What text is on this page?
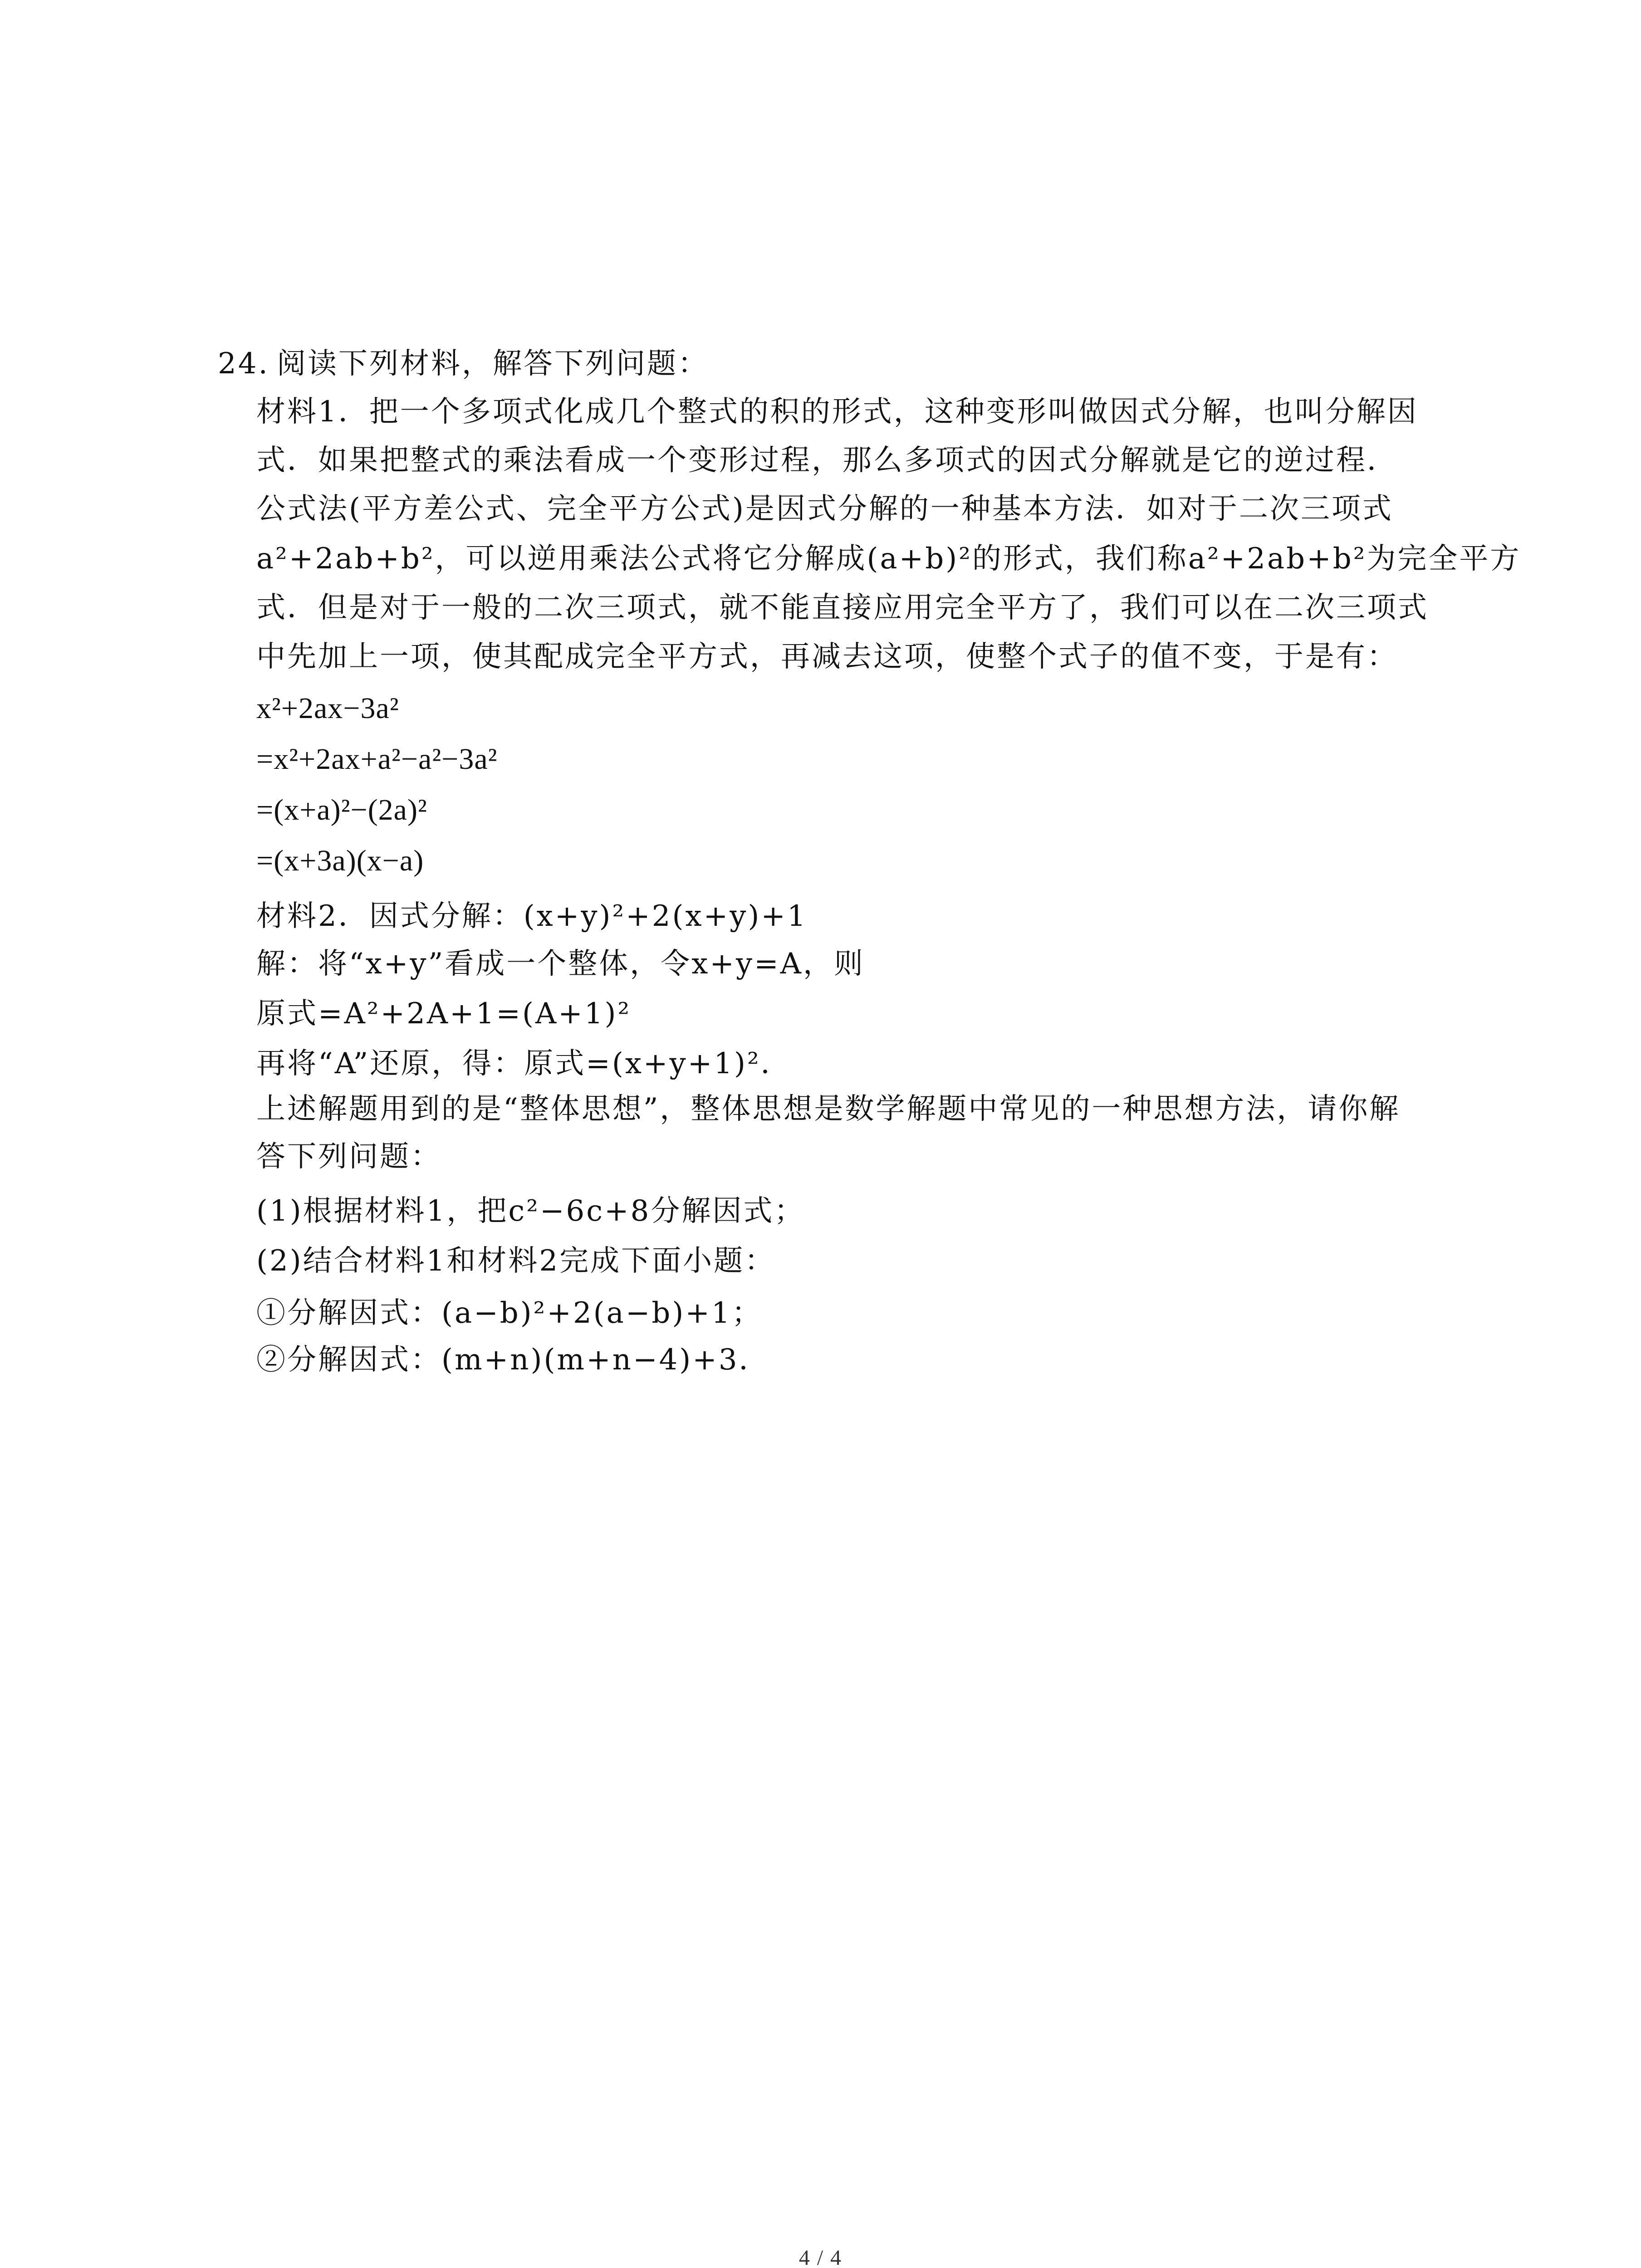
24. 阅读下列材料，解答下列问题：
材料1．把一个多项式化成几个整式的积的形式，这种变形叫做因式分解，也叫分解因
式．如果把整式的乘法看成一个变形过程，那么多项式的因式分解就是它的逆过程．
公式法(平方差公式、完全平方公式)是因式分解的一种基本方法．如对于二次三项式
a²+2ab+b²，可以逆用乘法公式将它分解成(a+b)²的形式，我们称a²+2ab+b²为完全平方
式．但是对于一般的二次三项式，就不能直接应用完全平方了，我们可以在二次三项式
中先加上一项，使其配成完全平方式，再减去这项，使整个式子的值不变，于是有：
x²+2ax−3a²
=x²+2ax+a²−a²−3a²
=(x+a)²−(2a)²
=(x+3a)(x−a)
材料2．因式分解：(x+y)²+2(x+y)+1
解：将“x+y”看成一个整体，令x+y=A，则
原式=A²+2A+1=(A+1)²
再将“A”还原，得：原式=(x+y+1)²．
上述解题用到的是“整体思想”，整体思想是数学解题中常见的一种思想方法，请你解
答下列问题：
(1)根据材料1，把c²−6c+8分解因式；
(2)结合材料1和材料2完成下面小题：
①分解因式：(a−b)²+2(a−b)+1；
②分解因式：(m+n)(m+n−4)+3．
4 / 4
